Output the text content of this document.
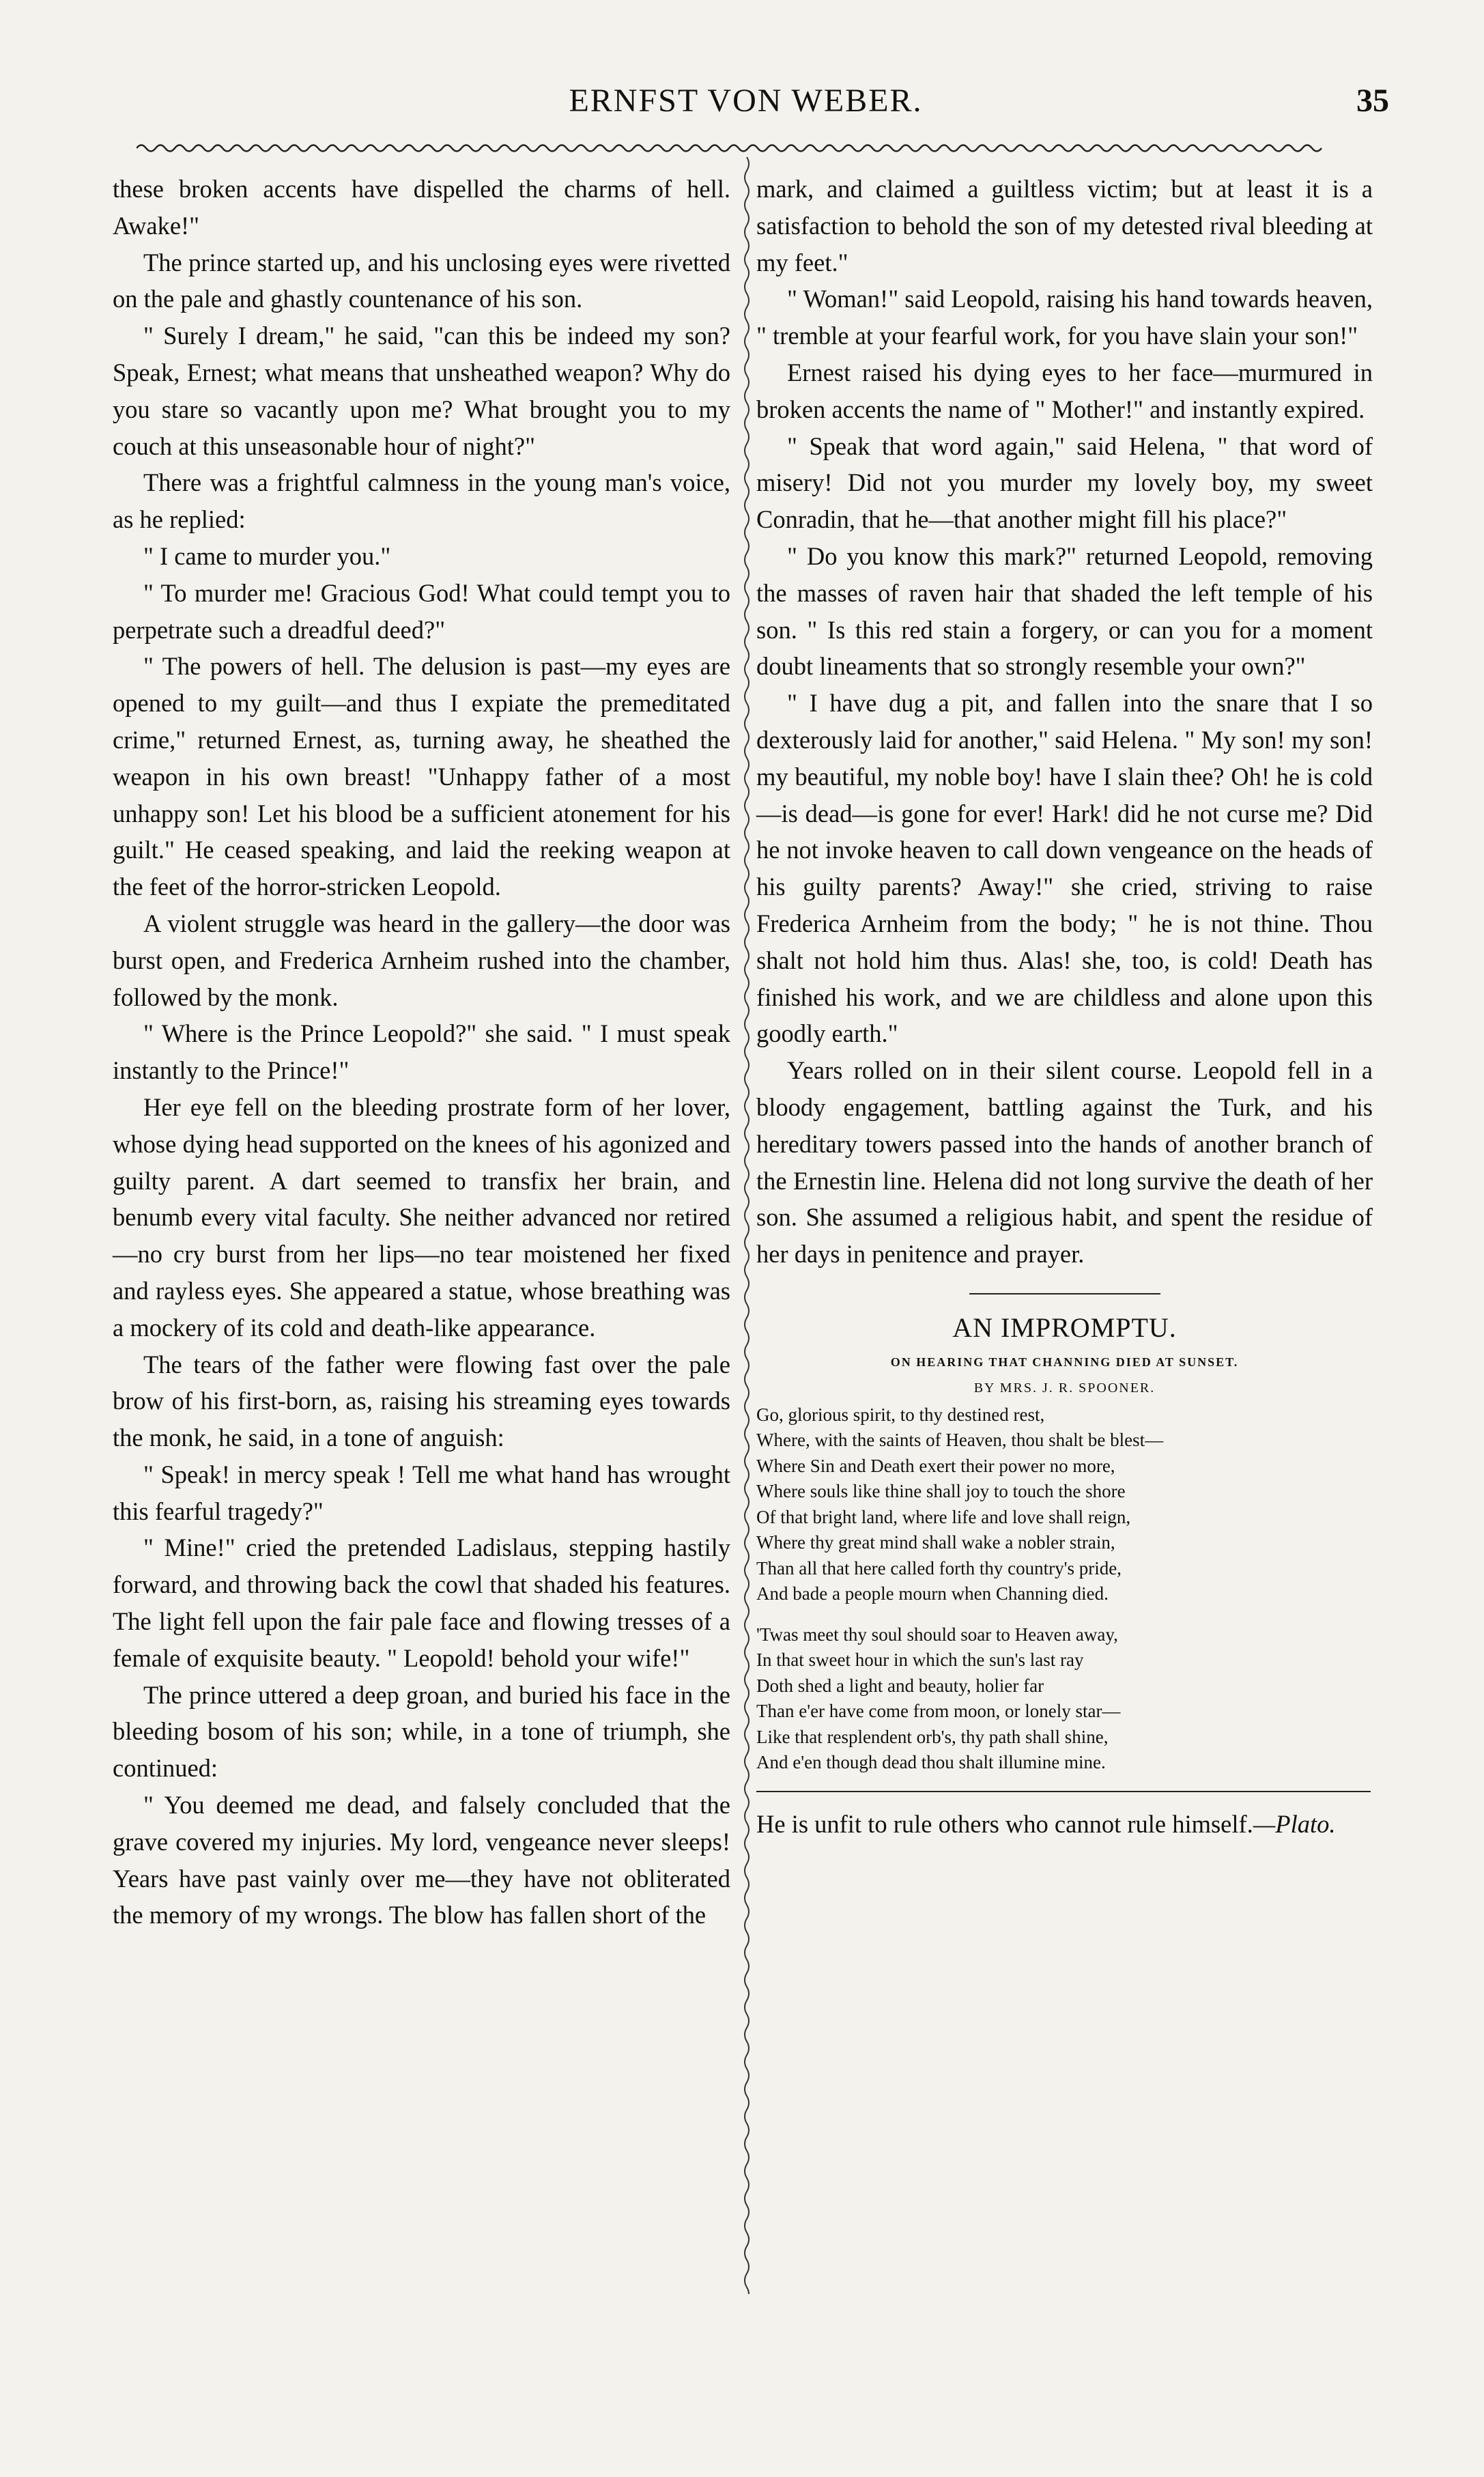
ERNFST VON WEBER.	35

these broken accents have dispelled the charms of hell. Awake!"

The prince started up, and his unclosing eyes were rivetted on the pale and ghastly countenance of his son.

" Surely I dream," he said, "can this be indeed my son? Speak, Ernest; what means that unsheathed weapon? Why do you stare so vacantly upon me? What brought you to my couch at this unseasonable hour of night?"

There was a frightful calmness in the young man's voice, as he replied:

" I came to murder you."

" To murder me! Gracious God! What could tempt you to perpetrate such a dreadful deed?"

" The powers of hell. The delusion is past—my eyes are opened to my guilt—and thus I expiate the premeditated crime," returned Ernest, as, turning away, he sheathed the weapon in his own breast! "Unhappy father of a most unhappy son! Let his blood be a sufficient atonement for his guilt." He ceased speaking, and laid the reeking weapon at the feet of the horror-stricken Leopold.

A violent struggle was heard in the gallery—the door was burst open, and Frederica Arnheim rushed into the chamber, followed by the monk.

" Where is the Prince Leopold?" she said. " I must speak instantly to the Prince!"

Her eye fell on the bleeding prostrate form of her lover, whose dying head supported on the knees of his agonized and guilty parent. A dart seemed to transfix her brain, and benumb every vital faculty. She neither advanced nor retired—no cry burst from her lips—no tear moistened her fixed and rayless eyes. She appeared a statue, whose breathing was a mockery of its cold and death-like appearance.

The tears of the father were flowing fast over the pale brow of his first-born, as, raising his streaming eyes towards the monk, he said, in a tone of anguish:

" Speak! in mercy speak ! Tell me what hand has wrought this fearful tragedy?"

" Mine!" cried the pretended Ladislaus, stepping hastily forward, and throwing back the cowl that shaded his features. The light fell upon the fair pale face and flowing tresses of a female of exquisite beauty. " Leopold! behold your wife!"

The prince uttered a deep groan, and buried his face in the bleeding bosom of his son; while, in a tone of triumph, she continued:

" You deemed me dead, and falsely concluded that the grave covered my injuries. My lord, vengeance never sleeps! Years have past vainly over me—they have not obliterated the memory of my wrongs. The blow has fallen short of the

mark, and claimed a guiltless victim; but at least it is a satisfaction to behold the son of my detested rival bleeding at my feet."

" Woman!" said Leopold, raising his hand towards heaven, " tremble at your fearful work, for you have slain your son!"

Ernest raised his dying eyes to her face—murmured in broken accents the name of " Mother!" and instantly expired.

" Speak that word again," said Helena, " that word of misery! Did not you murder my lovely boy, my sweet Conradin, that he—that another might fill his place?"

" Do you know this mark?" returned Leopold, removing the masses of raven hair that shaded the left temple of his son. " Is this red stain a forgery, or can you for a moment doubt lineaments that so strongly resemble your own?"

" I have dug a pit, and fallen into the snare that I so dexterously laid for another," said Helena. " My son! my son! my beautiful, my noble boy! have I slain thee? Oh! he is cold—is dead—is gone for ever! Hark! did he not curse me? Did he not invoke heaven to call down vengeance on the heads of his guilty parents? Away!" she cried, striving to raise Frederica Arnheim from the body; " he is not thine. Thou shalt not hold him thus. Alas! she, too, is cold! Death has finished his work, and we are childless and alone upon this goodly earth."

Years rolled on in their silent course. Leopold fell in a bloody engagement, battling against the Turk, and his hereditary towers passed into the hands of another branch of the Ernestin line. Helena did not long survive the death of her son. She assumed a religious habit, and spent the residue of her days in penitence and prayer.

AN IMPROMPTU.
ON HEARING THAT CHANNING DIED AT SUNSET.
BY MRS. J. R. SPOONER.
Go, glorious spirit, to thy destined rest,
Where, with the saints of Heaven, thou shalt be blest—
Where Sin and Death exert their power no more,
Where souls like thine shall joy to touch the shore
Of that bright land, where life and love shall reign,
Where thy great mind shall wake a nobler strain,
Than all that here called forth thy country's pride,
And bade a people mourn when Channing died.
'Twas meet thy soul should soar to Heaven away,
In that sweet hour in which the sun's last ray
Doth shed a light and beauty, holier far
Than e'er have come from moon, or lonely star—
Like that resplendent orb's, thy path shall shine,
And e'en though dead thou shalt illumine mine.

He is unfit to rule others who cannot rule himself.—Plato.
